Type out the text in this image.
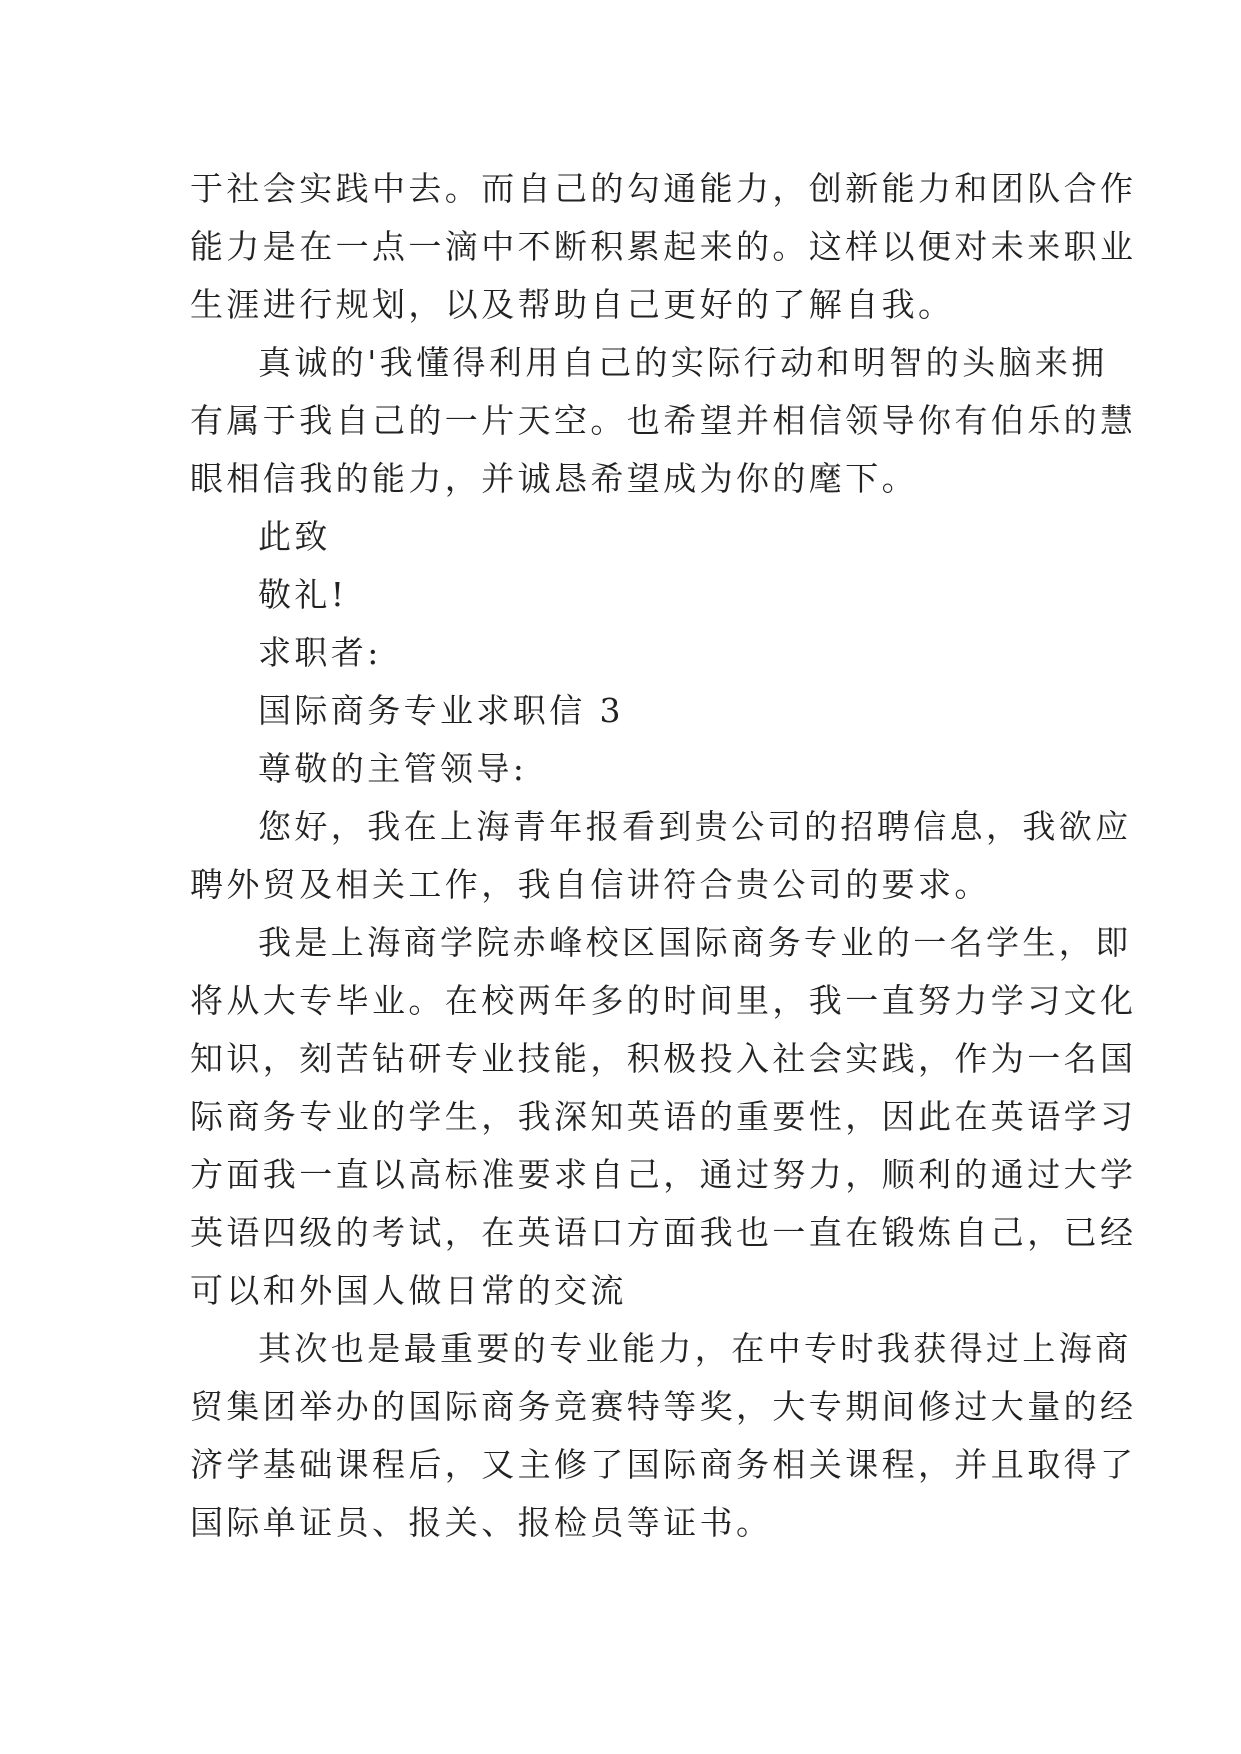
于社会实践中去。而自己的勾通能力，创新能力和团队合作
能力是在一点一滴中不断积累起来的。这样以便对未来职业
生涯进行规划，以及帮助自己更好的了解自我。
真诚的'我懂得利用自己的实际行动和明智的头脑来拥
有属于我自己的一片天空。也希望并相信领导你有伯乐的慧
眼相信我的能力，并诚恳希望成为你的麾下。
此致
敬礼!
求职者:
国际商务专业求职信 3
尊敬的主管领导:
您好，我在上海青年报看到贵公司的招聘信息，我欲应
聘外贸及相关工作，我自信讲符合贵公司的要求。
我是上海商学院赤峰校区国际商务专业的一名学生，即
将从大专毕业。在校两年多的时间里，我一直努力学习文化
知识，刻苦钻研专业技能，积极投入社会实践，作为一名国
际商务专业的学生，我深知英语的重要性，因此在英语学习
方面我一直以高标准要求自己，通过努力，顺利的通过大学
英语四级的考试，在英语口方面我也一直在锻炼自己，已经
可以和外国人做日常的交流
其次也是最重要的专业能力，在中专时我获得过上海商
贸集团举办的国际商务竞赛特等奖，大专期间修过大量的经
济学基础课程后，又主修了国际商务相关课程，并且取得了
国际单证员、报关、报检员等证书。
